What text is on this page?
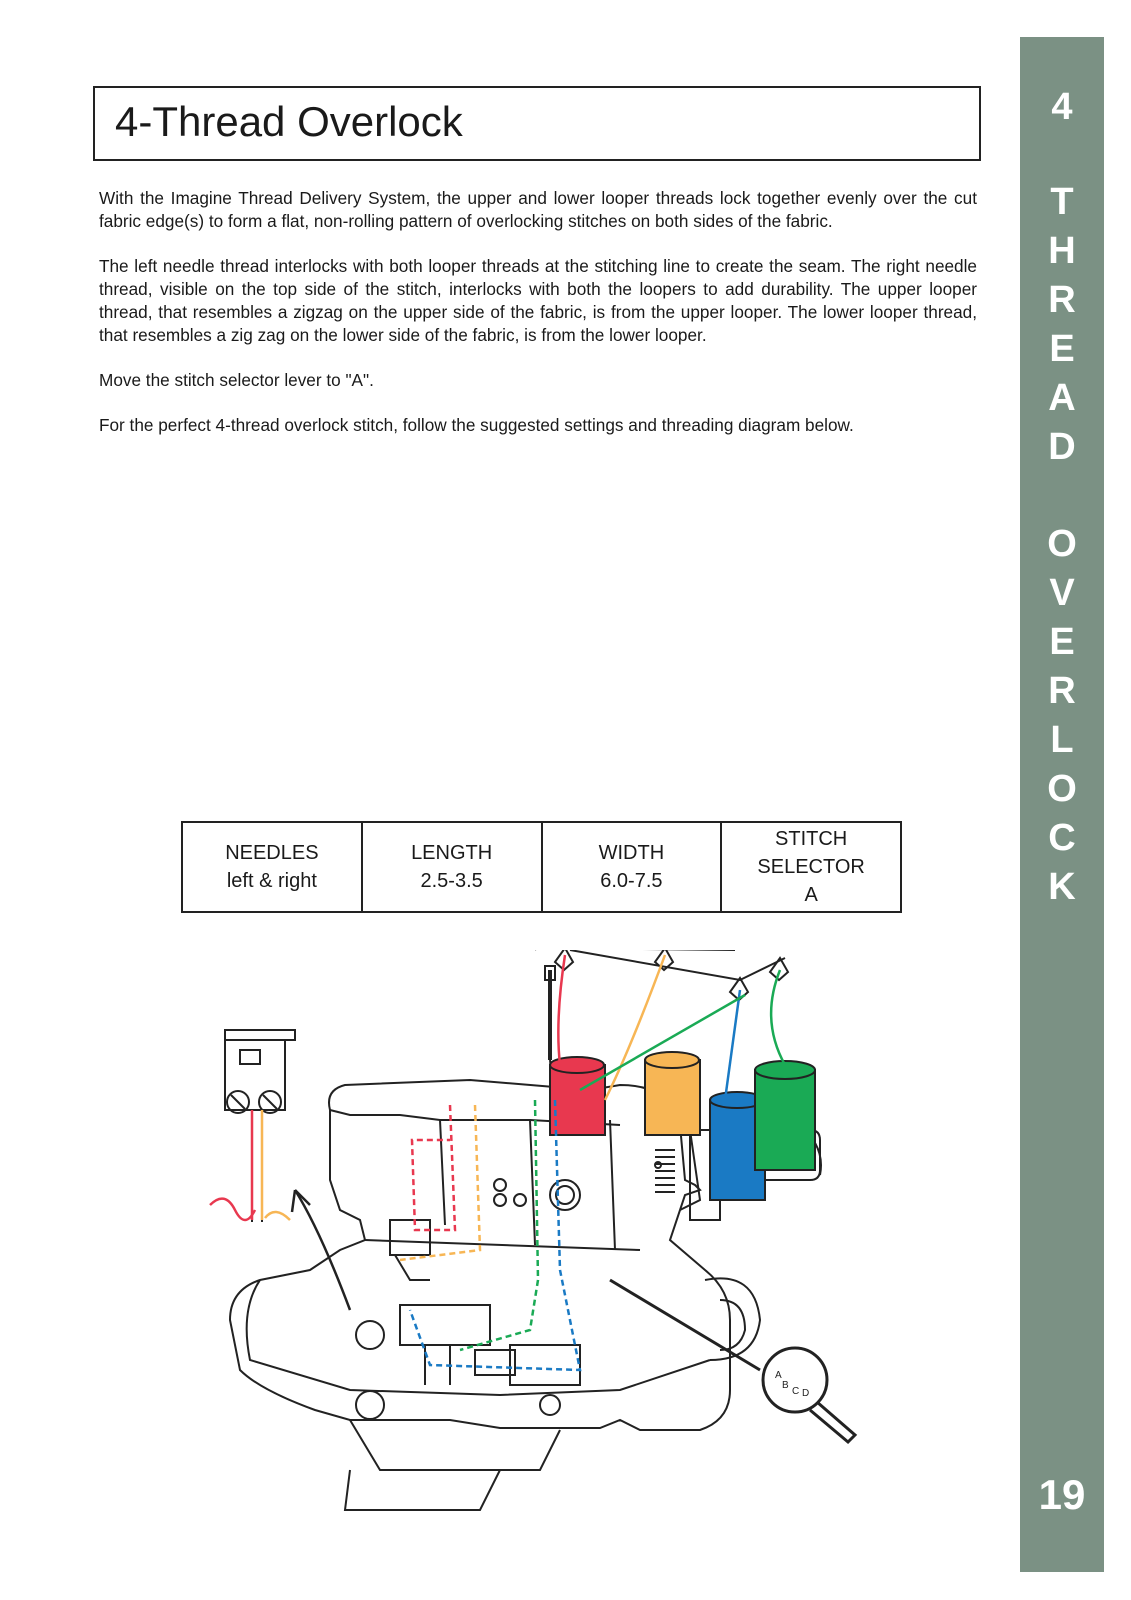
4-Thread Overlock

With the Imagine Thread Delivery System, the upper and lower looper threads lock together evenly over the cut fabric edge(s) to form a flat, non-rolling pattern of overlocking stitches on both sides of the fabric.

The left needle thread interlocks with both looper threads at the stitching line to create the seam. The right needle thread, visible on the top side of the stitch, interlocks with both the loopers to add durability. The upper looper thread, that resembles a zigzag on the upper side of the fabric, is from the upper looper. The lower looper thread, that resembles a zig zag on the lower side of the fabric, is from the lower looper.

Move the stitch selector lever to "A".

For the perfect 4-thread overlock stitch, follow the suggested settings and threading diagram below.

4
T
H
R
E
A
D
O
V
E
R
L
O
C
K
19
NEEDLES
left & right

LENGTH
2.5-3.5

WIDTH
6.0-7.5

STITCH
SELECTOR
A
A
B
C D
